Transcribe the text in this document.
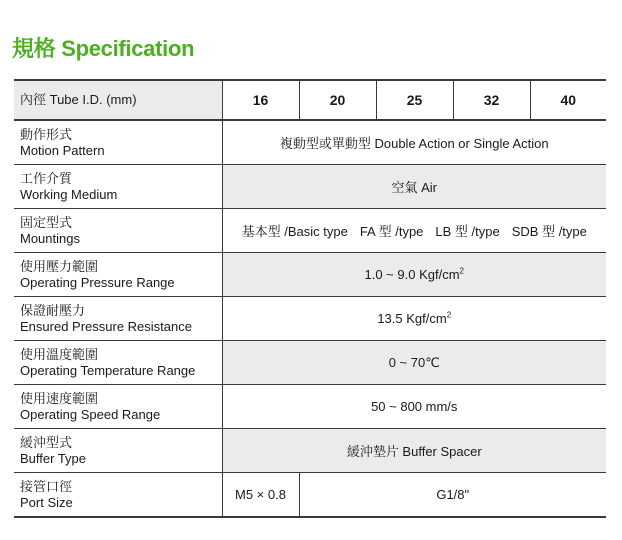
規格 Specification
內徑 Tube I.D. (mm)	16	20	25	32	40

動作形式
Motion Pattern	複動型或單動型 Double Action or Single Action				

工作介質
Working Medium	空氣 Air				

固定型式
Mountings	基本型 /Basic type FA 型 /type LB 型 /type SDB 型 /type				

使用壓力範圍
Operating Pressure Range	1.0 ~ 9.0 Kgf/$cm^2$

保證耐壓力
Ensured Pressure Resistance	13.5 Kgf/$cm^2$

使用溫度範圍
Operating Temperature Range	0 ~ 70℃				

使用速度範圍
Operating Speed Range	50 ~ 800 mm/s				

緩沖型式
Buffer Type	緩沖墊片 Buffer Spacer				

接管口徑
Port Size	M5 × 0.8	G1/8"			
